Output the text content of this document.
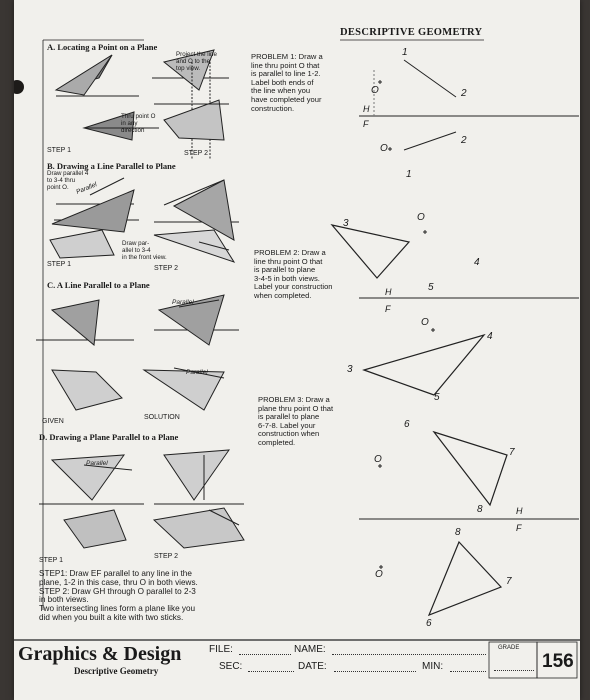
DESCRIPTIVE GEOMETRY
A. Locating a Point on a Plane
Project the line
and O to the
top view.
Thru point O
in any
direction
STEP 1	STEP 2
B. Drawing a Line Parallel to Plane
Draw parallel 4
to 3-4 thru
point O.
Draw par-
allel to 3-4
in the front view.
Parallel
STEP 1
STEP 2
C. A Line Parallel to a Plane
Parallel
Parallel
GIVEN
SOLUTION
D. Drawing a Plane Parallel to a Plane
Parallel
STEP 1
STEP 2
STEP1: Draw EF parallel to any line in the
plane, 1-2 in this case, thru O in both views.
STEP 2: Draw GH through O parallel to 2-3
in both views.
Two intersecting lines form a plane like you
did when you built a kite with two sticks.
PROBLEM 1: Draw a
line thru point O that
is parallel to line 1-2.
Label both ends of
the line when you
have completed your
construction.
PROBLEM 2: Draw a
line thru point O that
is parallel to plane
3-4-5 in both views.
Label your construction
when completed.
PROBLEM 3: Draw a
plane thru point O that
is parallel to plane
6-7-8. Label your
construction when
completed.
1
2
O
H
F
2
O
1
O
3
4
5
H
F
O
4
3
5
6
7
O
8	H
F
8
O
7
6
Graphics & Design
Descriptive Geometry
FILE:	NAME:
SEC:	DATE:	MIN:
GRADE
156
